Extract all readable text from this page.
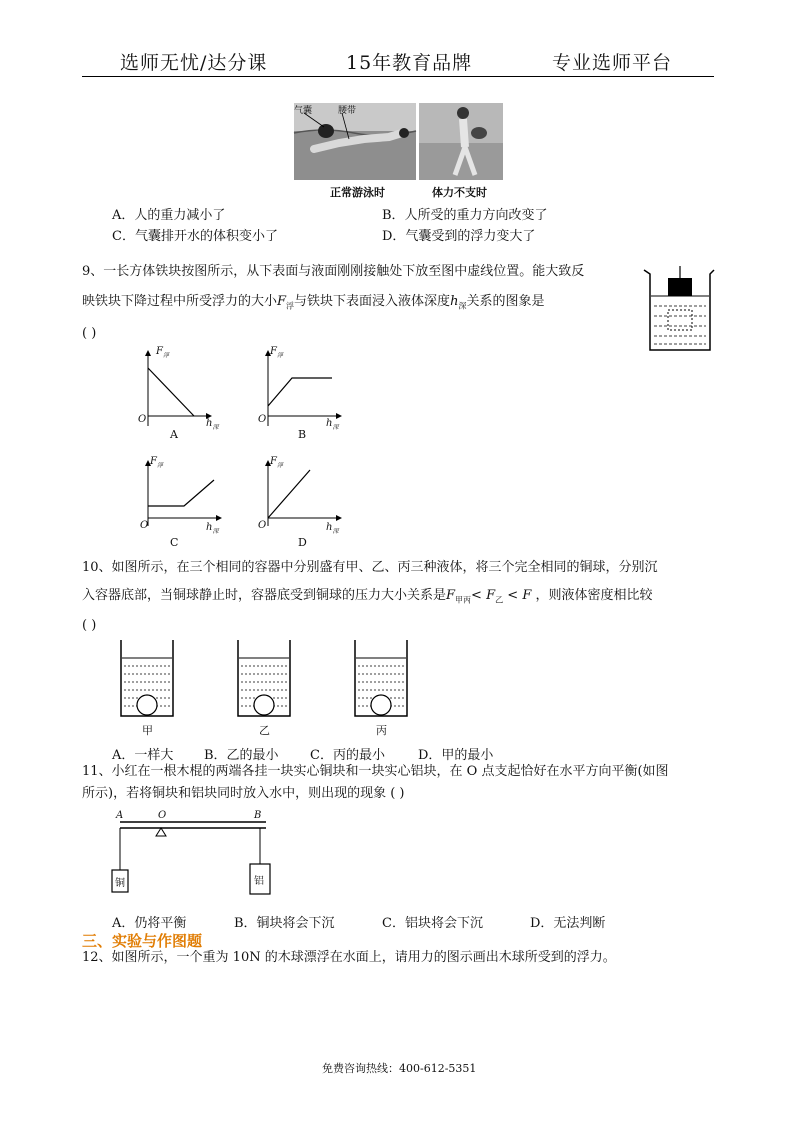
选师无忧/达分课	15年教育品牌	专业选师平台
气囊	腰带
正常游泳时	体力不支时
A．人的重力减小了	B．人所受的重力方向改变了
C．气囊排开水的体积变小了	D．气囊受到的浮力变大了
9、一长方体铁块按图所示，从下表面与液面刚刚接触处下放至图中虚线位置。能大致反
映铁块下降过程中所受浮力的大小$F_浮$与铁块下表面浸入液体深度$h_深$关系的图象是
( )
$F_浮$
O	$h_深$
A
$F_浮$
O	$h_深$
B
$F_浮$
O	$h_深$
C
$F_浮$
O	$h_深$
D
10、如图所示，在三个相同的容器中分别盛有甲、乙、丙三种液体，将三个完全相同的铜球，分别沉
入容器底部，当铜球静止时，容器底受到铜球的压力大小关系是$F_{甲丙}< F_乙 < F$ ，则液体密度相比较
( )
甲	乙	丙
A．一样大 B．乙的最小 C．丙的最小	D．甲的最小
11、小红在一根木棍的两端各挂一块实心铜块和一块实心铝块，在 O 点支起恰好在水平方向平衡(如图
所示)，若将铜块和铝块同时放入水中，则出现的现象 ( )
A	O	B
铜	铝
A．仍将平衡	B．铜块将会下沉	C．铝块将会下沉	D．无法判断
三、实验与作图题
12、如图所示，一个重为 10N 的木球漂浮在水面上，请用力的图示画出木球所受到的浮力。
免费咨询热线：400-612-5351
